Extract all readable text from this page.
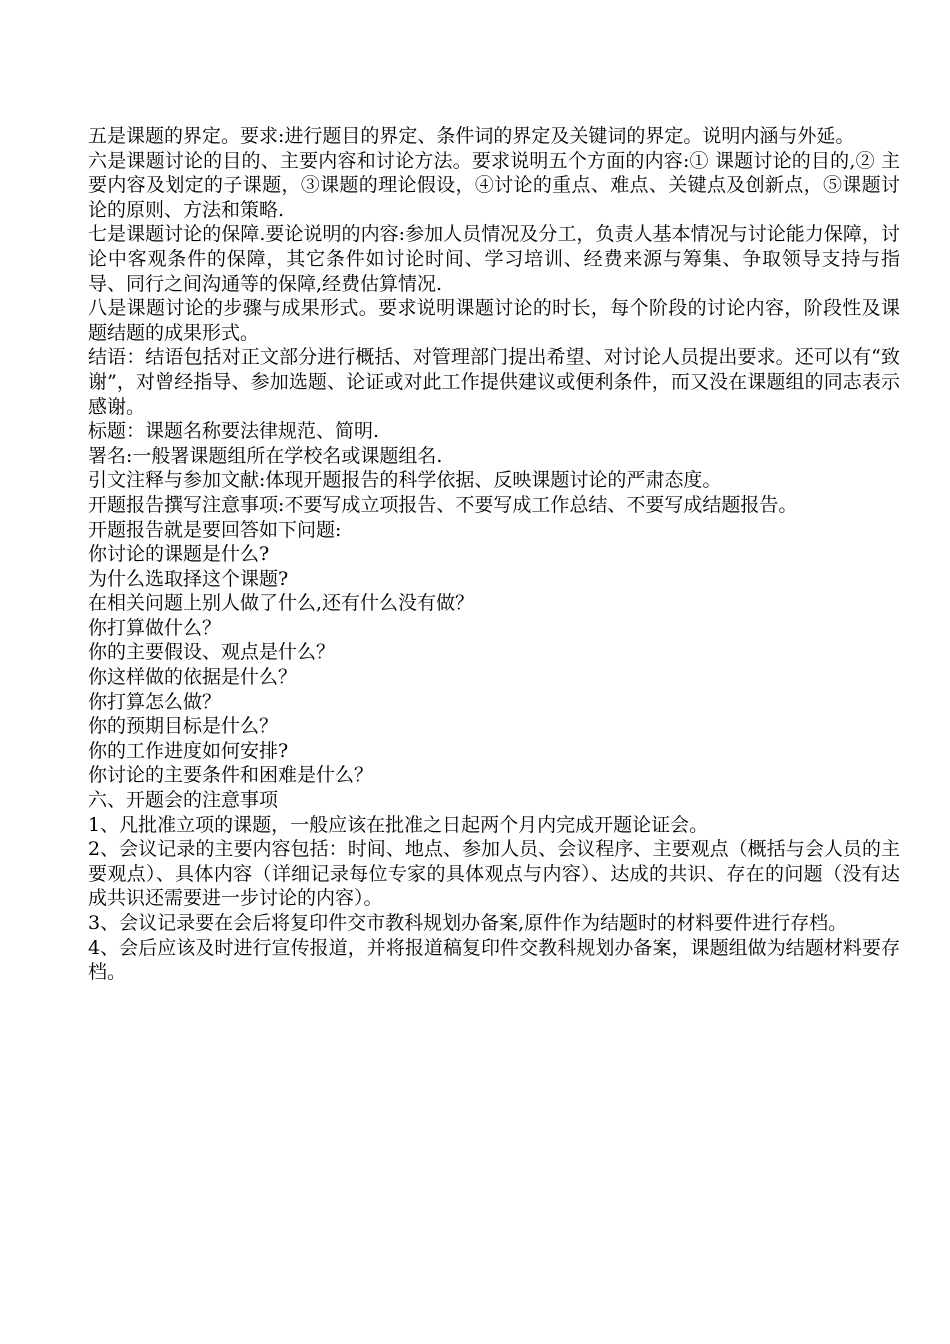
五是课题的界定。要求:进行题目的界定、条件词的界定及关键词的界定。说明内涵与外延。

六是课题讨论的目的、主要内容和讨论方法。要求说明五个方面的内容:① 课题讨论的目的,② 主要内容及划定的子课题，③课题的理论假设，④讨论的重点、难点、关键点及创新点，⑤课题讨论的原则、方法和策略.

七是课题讨论的保障.要论说明的内容:参加人员情况及分工，负责人基本情况与讨论能力保障，讨论中客观条件的保障，其它条件如讨论时间、学习培训、经费来源与筹集、争取领导支持与指导、同行之间沟通等的保障,经费估算情况.

八是课题讨论的步骤与成果形式。要求说明课题讨论的时长，每个阶段的讨论内容，阶段性及课题结题的成果形式。

结语：结语包括对正文部分进行概括、对管理部门提出希望、对讨论人员提出要求。还可以有“致谢”，对曾经指导、参加选题、论证或对此工作提供建议或便利条件，而又没在课题组的同志表示感谢。

标题：课题名称要法律规范、简明.

署名:一般署课题组所在学校名或课题组名.

引文注释与参加文献:体现开题报告的科学依据、反映课题讨论的严肃态度。

开题报告撰写注意事项:不要写成立项报告、不要写成工作总结、不要写成结题报告。

开题报告就是要回答如下问题:

你讨论的课题是什么?

为什么选取择这个课题?

在相关问题上别人做了什么,还有什么没有做？

你打算做什么？

你的主要假设、观点是什么？

你这样做的依据是什么？

你打算怎么做？

你的预期目标是什么？

你的工作进度如何安排?

你讨论的主要条件和困难是什么？

六、开题会的注意事项

1、凡批准立项的课题，一般应该在批准之日起两个月内完成开题论证会。

2、会议记录的主要内容包括：时间、地点、参加人员、会议程序、主要观点（概括与会人员的主要观点）、具体内容（详细记录每位专家的具体观点与内容）、达成的共识、存在的问题（没有达成共识还需要进一步讨论的内容）。

3、会议记录要在会后将复印件交市教科规划办备案,原件作为结题时的材料要件进行存档。

4、会后应该及时进行宣传报道，并将报道稿复印件交教科规划办备案，课题组做为结题材料要存档。
